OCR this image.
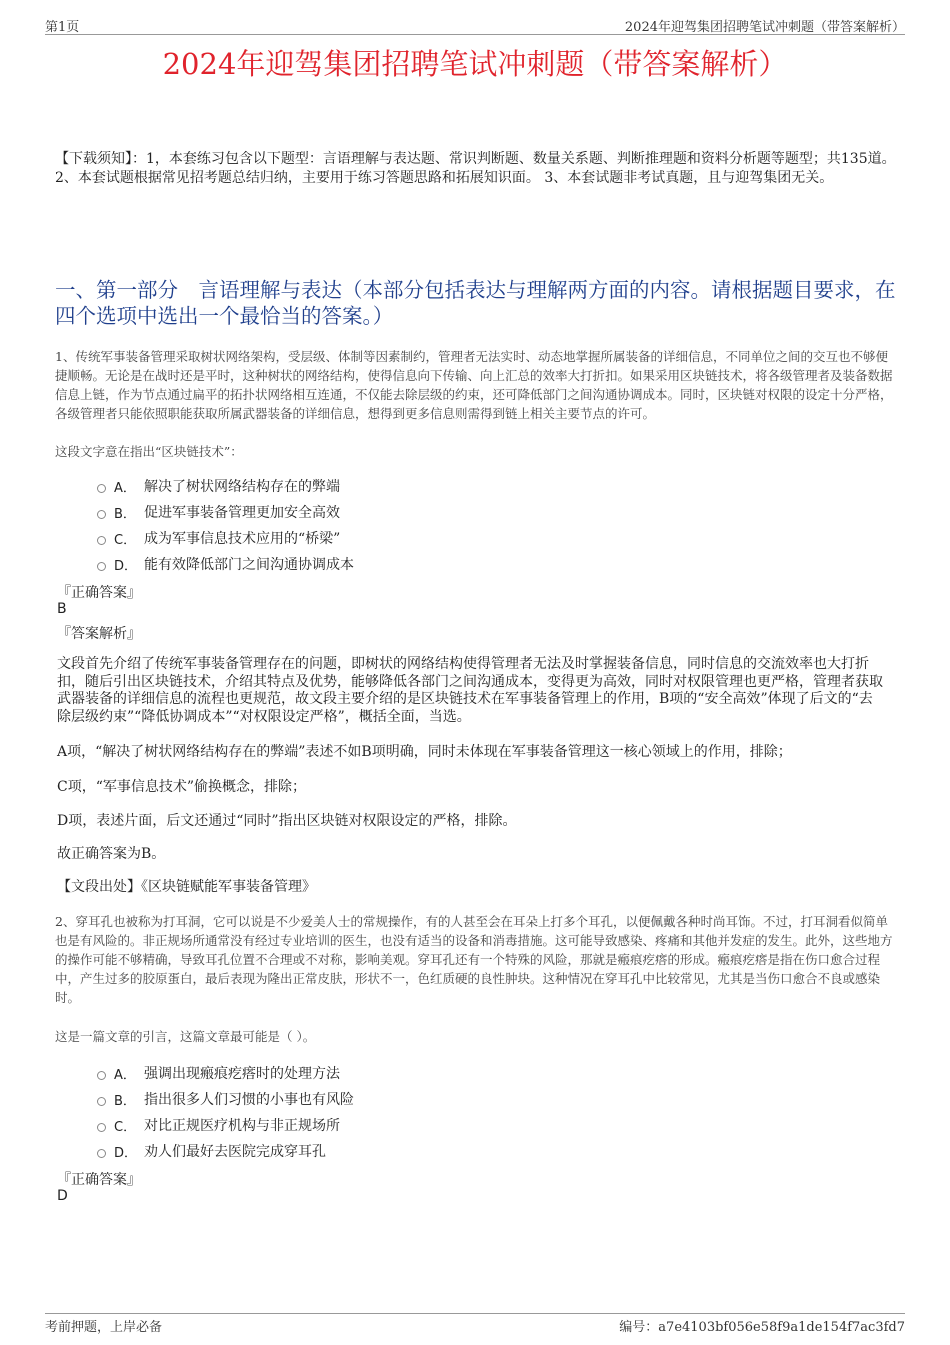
第1页	2024年迎驾集团招聘笔试冲刺题（带答案解析）
2024年迎驾集团招聘笔试冲刺题（带答案解析）
【下载须知】：1，本套练习包含以下题型：言语理解与表达题、常识判断题、数量关系题、判断推理题和资料分析题等题型；共135道。 2、本套试题根据常见招考题总结归纳，主要用于练习答题思路和拓展知识面。 3、本套试题非考试真题，且与迎驾集团无关。
一、第一部分　言语理解与表达（本部分包括表达与理解两方面的内容。请根据题目要求，在四个选项中选出一个最恰当的答案。）
1、传统军事装备管理采取树状网络架构，受层级、体制等因素制约，管理者无法实时、动态地掌握所属装备的详细信息，不同单位之间的交互也不够便捷顺畅。无论是在战时还是平时，这种树状的网络结构，使得信息向下传输、向上汇总的效率大打折扣。如果采用区块链技术，将各级管理者及装备数据信息上链，作为节点通过扁平的拓扑状网络相互连通，不仅能去除层级的约束，还可降低部门之间沟通协调成本。同时，区块链对权限的设定十分严格，各级管理者只能依照职能获取所属武器装备的详细信息，想得到更多信息则需得到链上相关主要节点的许可。
这段文字意在指出“区块链技术”：
A． 解决了树状网络结构存在的弊端
B． 促进军事装备管理更加安全高效
C． 成为军事信息技术应用的“桥梁”
D． 能有效降低部门之间沟通协调成本
『正确答案』
B
『答案解析』
文段首先介绍了传统军事装备管理存在的问题，即树状的网络结构使得管理者无法及时掌握装备信息，同时信息的交流效率也大打折扣，随后引出区块链技术，介绍其特点及优势，能够降低各部门之间沟通成本，变得更为高效，同时对权限管理也更严格，管理者获取武器装备的详细信息的流程也更规范，故文段主要介绍的是区块链技术在军事装备管理上的作用，B项的“安全高效”体现了后文的“去除层级约束”“降低协调成本”“对权限设定严格”，概括全面，当选。
A项，“解决了树状网络结构存在的弊端”表述不如B项明确，同时未体现在军事装备管理这一核心领域上的作用，排除；
C项，“军事信息技术”偷换概念，排除；
D项，表述片面，后文还通过“同时”指出区块链对权限设定的严格，排除。
故正确答案为B。
【文段出处】《区块链赋能军事装备管理》
2、穿耳孔也被称为打耳洞，它可以说是不少爱美人士的常规操作，有的人甚至会在耳朵上打多个耳孔，以便佩戴各种时尚耳饰。不过，打耳洞看似简单也是有风险的。非正规场所通常没有经过专业培训的医生，也没有适当的设备和消毒措施。这可能导致感染、疼痛和其他并发症的发生。此外，这些地方的操作可能不够精确，导致耳孔位置不合理或不对称，影响美观。穿耳孔还有一个特殊的风险，那就是瘢痕疙瘩的形成。瘢痕疙瘩是指在伤口愈合过程中，产生过多的胶原蛋白，最后表现为隆出正常皮肤，形状不一，色红质硬的良性肿块。这种情况在穿耳孔中比较常见，尤其是当伤口愈合不良或感染时。
这是一篇文章的引言，这篇文章最可能是（ ）。
A． 强调出现瘢痕疙瘩时的处理方法
B． 指出很多人们习惯的小事也有风险
C． 对比正规医疗机构与非正规场所
D． 劝人们最好去医院完成穿耳孔
『正确答案』
D
考前押题，上岸必备	编号：a7e4103bf056e58f9a1de154f7ac3fd7
